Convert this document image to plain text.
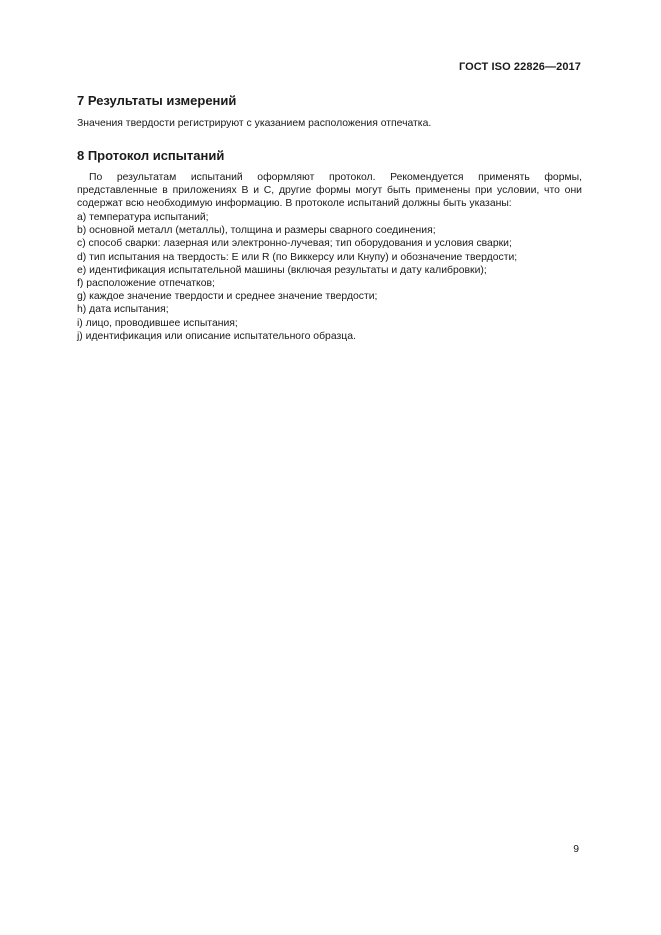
ГОСТ ISO 22826—2017
7 Результаты измерений

Значения твердости регистрируют с указанием расположения отпечатка.

8 Протокол испытаний

По результатам испытаний оформляют протокол. Рекомендуется применять формы, представленные в приложениях B и C, другие формы могут быть применены при условии, что они содержат всю необходимую информацию. В протоколе испытаний должны быть указаны:

a) температура испытаний;
b) основной металл (металлы), толщина и размеры сварного соединения;
c) способ сварки: лазерная или электронно-лучевая; тип оборудования и условия сварки;
d) тип испытания на твердость: E или R (по Виккерсу или Кнупу) и обозначение твердости;
e) идентификация испытательной машины (включая результаты и дату калибровки);
f) расположение отпечатков;
g) каждое значение твердости и среднее значение твердости;
h) дата испытания;
i) лицо, проводившее испытания;
j) идентификация или описание испытательного образца.
9
